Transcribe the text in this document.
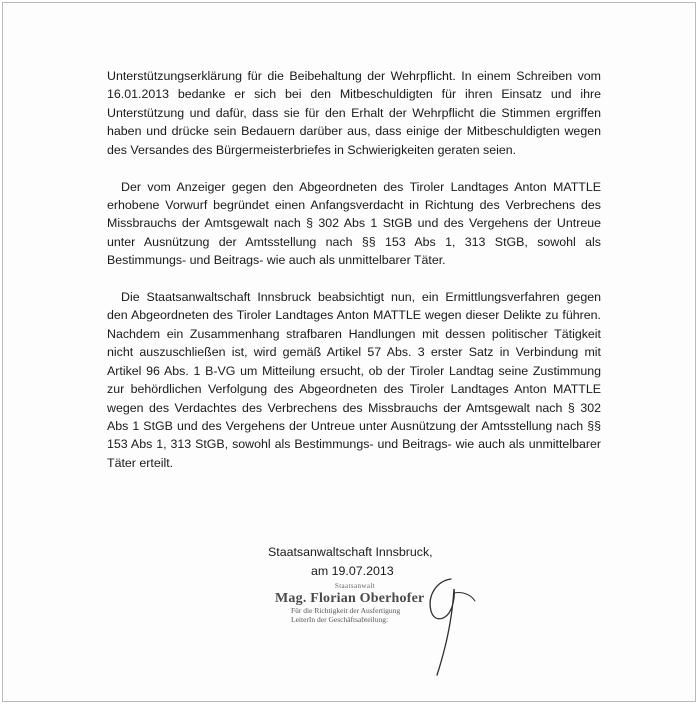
Unterstützungserklärung für die Beibehaltung der Wehrpflicht. In einem Schreiben vom 16.01.2013 bedanke er sich bei den Mitbeschuldigten für ihren Einsatz und ihre Unterstützung und dafür, dass sie für den Erhalt der Wehrpflicht die Stimmen ergriffen haben und drücke sein Bedauern darüber aus, dass einige der Mitbeschuldigten wegen des Versandes des Bürgermeisterbriefes in Schwierigkeiten geraten seien.

Der vom Anzeiger gegen den Abgeordneten des Tiroler Landtages Anton MATTLE erhobene Vorwurf begründet einen Anfangsverdacht in Richtung des Verbrechens des Missbrauchs der Amtsgewalt nach § 302 Abs 1 StGB und des Vergehens der Untreue unter Ausnützung der Amtsstellung nach §§ 153 Abs 1, 313 StGB, sowohl als Bestimmungs- und Beitrags- wie auch als unmittelbarer Täter.

Die Staatsanwaltschaft Innsbruck beabsichtigt nun, ein Ermittlungsverfahren gegen den Abgeordneten des Tiroler Landtages Anton MATTLE wegen dieser Delikte zu führen. Nachdem ein Zusammenhang strafbaren Handlungen mit dessen politischer Tätigkeit nicht auszuschließen ist, wird gemäß Artikel 57 Abs. 3 erster Satz in Verbindung mit Artikel 96 Abs. 1 B-VG um Mitteilung ersucht, ob der Tiroler Landtag seine Zustimmung zur behördlichen Verfolgung des Abgeordneten des Tiroler Landtages Anton MATTLE wegen des Verdachtes des Verbrechens des Missbrauchs der Amtsgewalt nach § 302 Abs 1 StGB und des Vergehens der Untreue unter Ausnützung der Amtsstellung nach §§ 153 Abs 1, 313 StGB, sowohl als Bestimmungs- und Beitrags- wie auch als unmittelbarer Täter erteilt.

Staatsanwaltschaft Innsbruck,
am 19.07.2013
Staatsanwalt
Mag. Florian Oberhofer
Für die Richtigkeit der Ausfertigung
LeiterIn der Geschäftsabteilung:
